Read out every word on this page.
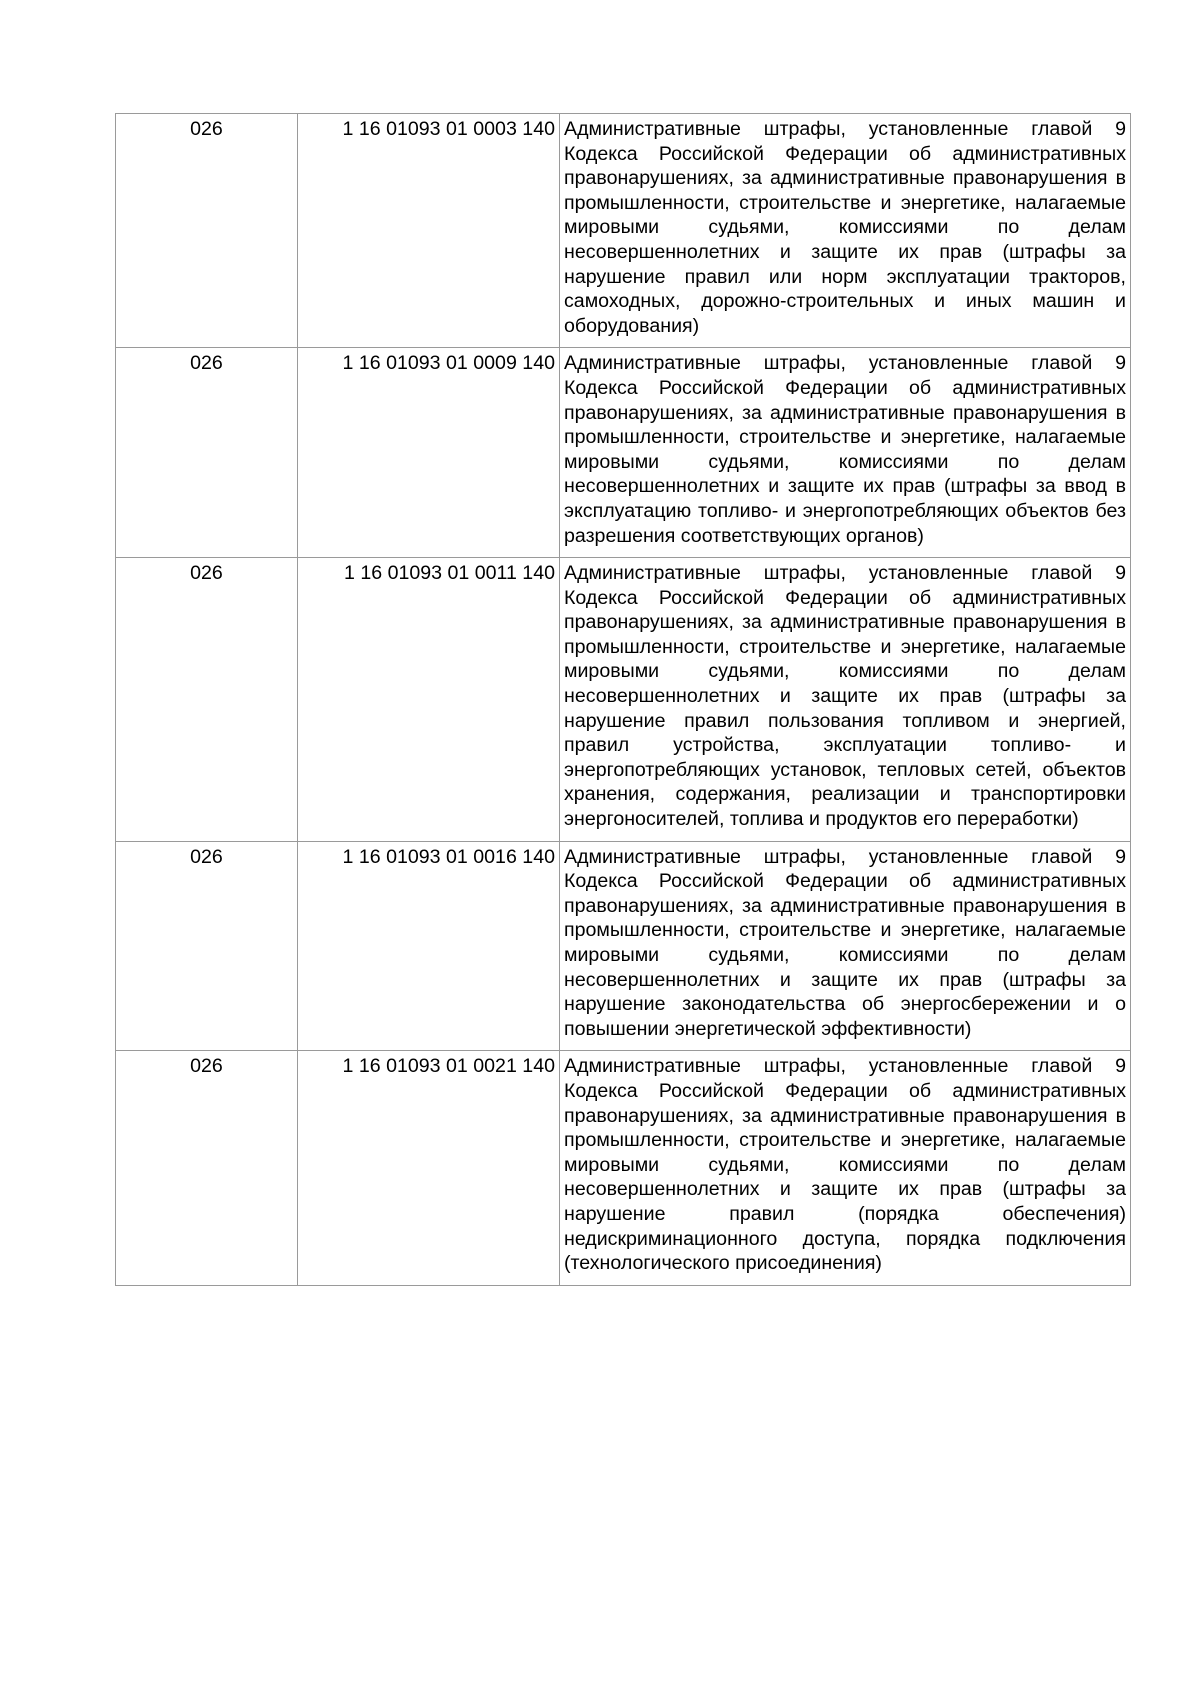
026	1 16 01093 01 0003 140	Административные штрафы, установленные главой 9 Кодекса Российской Федерации об административных правонарушениях, за административные правонарушения в промышленности, строительстве и энергетике, налагаемые мировыми судьями, комиссиями по делам несовершеннолетних и защите их прав (штрафы за нарушение правил или норм эксплуатации тракторов, самоходных, дорожно-строительных и иных машин и оборудования)
026	1 16 01093 01 0009 140	Административные штрафы, установленные главой 9 Кодекса Российской Федерации об административных правонарушениях, за административные правонарушения в промышленности, строительстве и энергетике, налагаемые мировыми судьями, комиссиями по делам несовершеннолетних и защите их прав (штрафы за ввод в эксплуатацию топливо- и энергопотребляющих объектов без разрешения соответствующих органов)
026	1 16 01093 01 0011 140	Административные штрафы, установленные главой 9 Кодекса Российской Федерации об административных правонарушениях, за административные правонарушения в промышленности, строительстве и энергетике, налагаемые мировыми судьями, комиссиями по делам несовершеннолетних и защите их прав (штрафы за нарушение правил пользования топливом и энергией, правил устройства, эксплуатации топливо- и энергопотребляющих установок, тепловых сетей, объектов хранения, содержания, реализации и транспортировки энергоносителей, топлива и продуктов его переработки)
026	1 16 01093 01 0016 140	Административные штрафы, установленные главой 9 Кодекса Российской Федерации об административных правонарушениях, за административные правонарушения в промышленности, строительстве и энергетике, налагаемые мировыми судьями, комиссиями по делам несовершеннолетних и защите их прав (штрафы за нарушение законодательства об энергосбережении и о повышении энергетической эффективности)
026	1 16 01093 01 0021 140	Административные штрафы, установленные главой 9 Кодекса Российской Федерации об административных правонарушениях, за административные правонарушения в промышленности, строительстве и энергетике, налагаемые мировыми судьями, комиссиями по делам несовершеннолетних и защите их прав (штрафы за нарушение правил (порядка обеспечения) недискриминационного доступа, порядка подключения (технологического присоединения)
